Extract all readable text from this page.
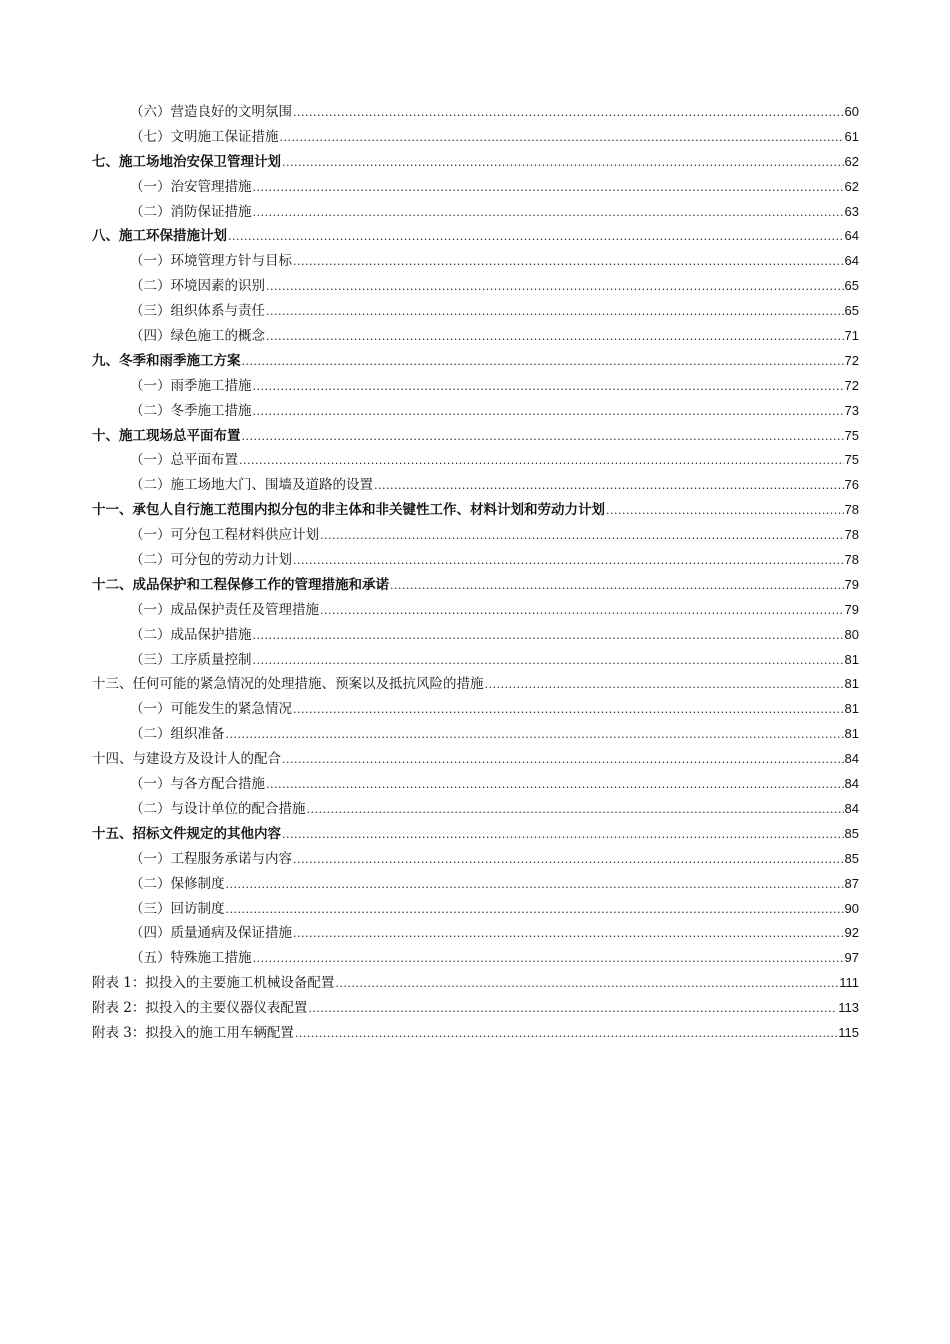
（六）营造良好的文明氛围 .....	60
（七）文明施工保证措施 .....	61
七、施工场地治安保卫管理计划 .....	62
（一）治安管理措施 .....	62
（二）消防保证措施 .....	63
八、施工环保措施计划 .....	64
（一）环境管理方针与目标 .....	64
（二）环境因素的识别 .....	65
（三）组织体系与责任 .....	65
（四）绿色施工的概念 .....	71
九、冬季和雨季施工方案 .....	72
（一）雨季施工措施 .....	72
（二）冬季施工措施 .....	73
十、施工现场总平面布置 .....	75
（一）总平面布置 .....	75
（二）施工场地大门、围墙及道路的设置 .....	76
十一、承包人自行施工范围内拟分包的非主体和非关键性工作、材料计划和劳动力计划 .....	78
（一）可分包工程材料供应计划 .....	78
（二）可分包的劳动力计划 .....	78
十二、成品保护和工程保修工作的管理措施和承诺 .....	79
（一）成品保护责任及管理措施 .....	79
（二）成品保护措施 .....	80
（三）工序质量控制 .....	81
十三、任何可能的紧急情况的处理措施、预案以及抵抗风险的措施 .....	81
（一）可能发生的紧急情况 .....	81
（二）组织准备 .....	81
十四、与建设方及设计人的配合 .....	84
（一）与各方配合措施 .....	84
（二）与设计单位的配合措施 .....	84
十五、招标文件规定的其他内容 .....	85
（一）工程服务承诺与内容 .....	85
（二）保修制度 .....	87
（三）回访制度 .....	90
（四）质量通病及保证措施 .....	92
（五）特殊施工措施 .....	97
附表 1：拟投入的主要施工机械设备配置 .....	111
附表 2：拟投入的主要仪器仪表配置 .....	113
附表 3：拟投入的施工用车辆配置 .....	115
